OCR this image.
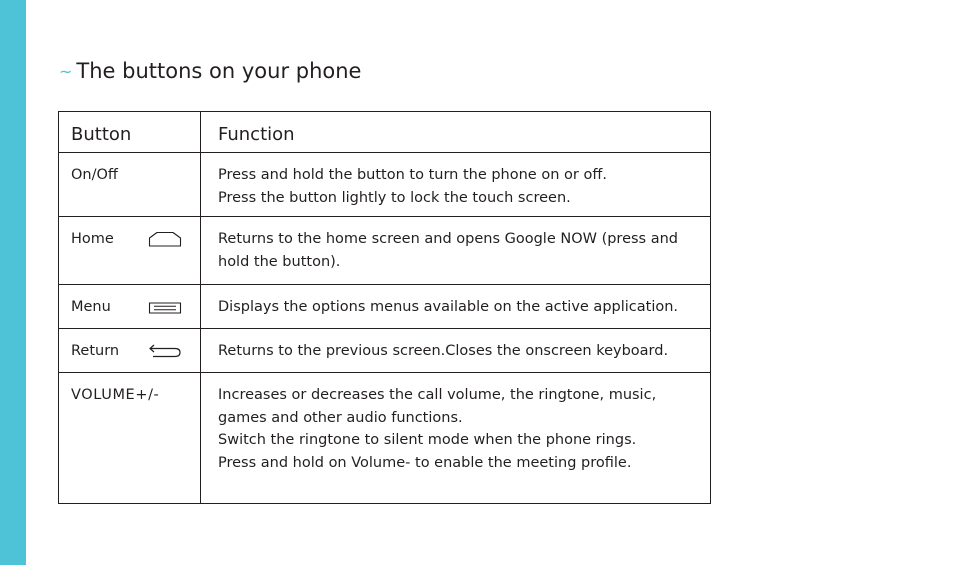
~ The buttons on your phone
Button	Function
On/Off	Press and hold the button to turn the phone on or off.
Press the button lightly to lock the touch screen.

Home	Returns to the home screen and opens Google NOW (press and hold the button).

Menu	Displays the options menus available on the active application.

Return	Returns to the previous screen.Closes the onscreen keyboard.

VOLUME+/-	Increases or decreases the call volume, the ringtone, music, games and other audio functions.
Switch the ringtone to silent mode when the phone rings.
Press and hold on Volume- to enable the meeting profile.
